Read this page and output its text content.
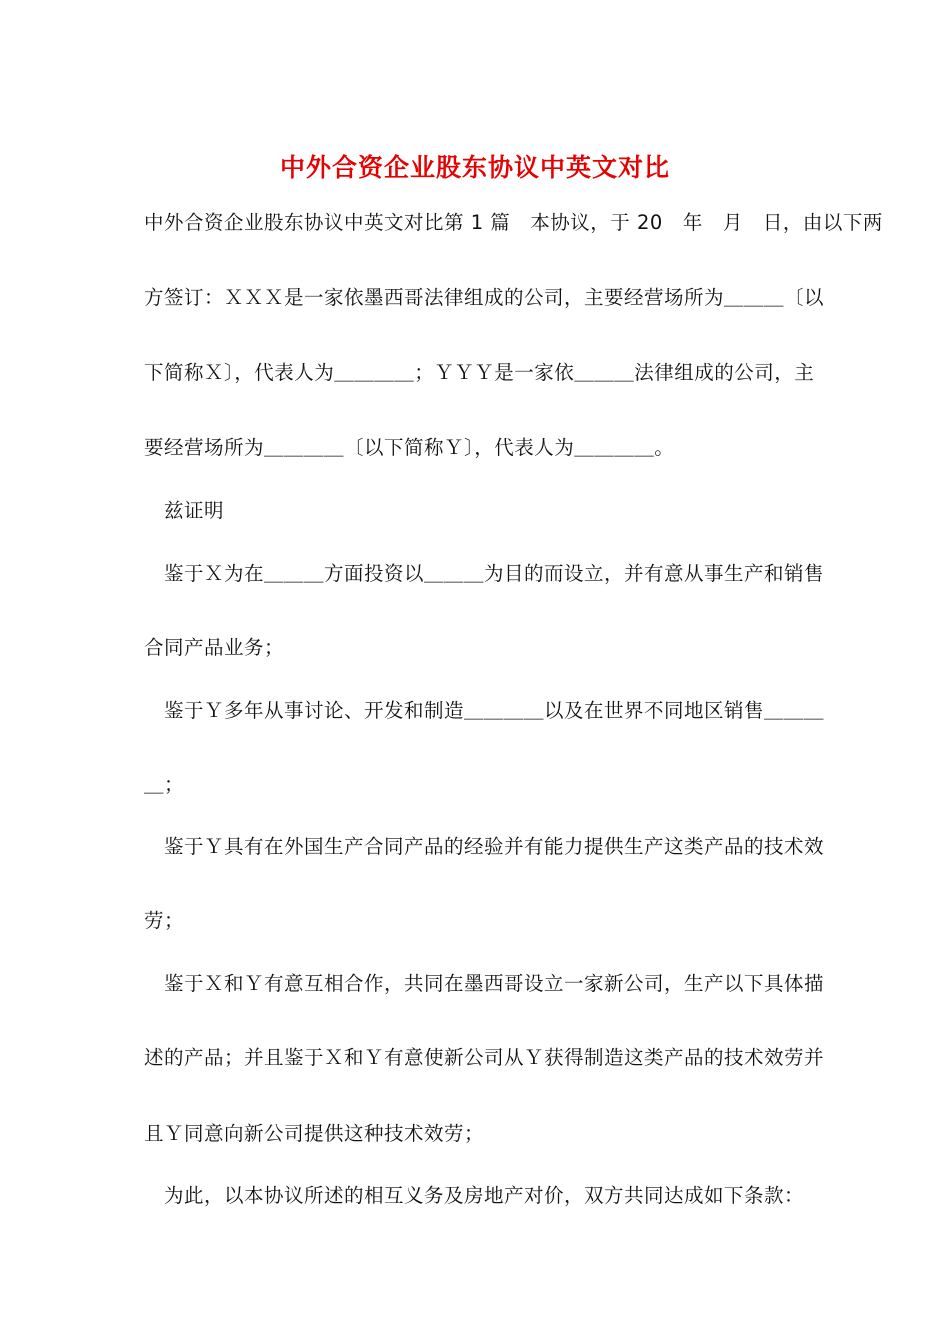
中外合资企业股东协议中英文对比
中外合资企业股东协议中英文对比第 1 篇　本协议，于 20　年　月　日，由以下两
方签订：ＸＸＸ是一家依墨西哥法律组成的公司，主要经营场所为＿＿＿〔以
下简称Ｘ〕，代表人为＿＿＿＿；ＹＹＹ是一家依＿＿＿法律组成的公司，主
要经营场所为＿＿＿＿〔以下简称Ｙ〕，代表人为＿＿＿＿。
兹证明
鉴于Ｘ为在＿＿＿方面投资以＿＿＿为目的而设立，并有意从事生产和销售
合同产品业务；
鉴于Ｙ多年从事讨论、开发和制造＿＿＿＿以及在世界不同地区销售＿＿＿
＿；
鉴于Ｙ具有在外国生产合同产品的经验并有能力提供生产这类产品的技术效
劳；
鉴于Ｘ和Ｙ有意互相合作，共同在墨西哥设立一家新公司，生产以下具体描
述的产品；并且鉴于Ｘ和Ｙ有意使新公司从Ｙ获得制造这类产品的技术效劳并
且Ｙ同意向新公司提供这种技术效劳；
为此，以本协议所述的相互义务及房地产对价，双方共同达成如下条款：
